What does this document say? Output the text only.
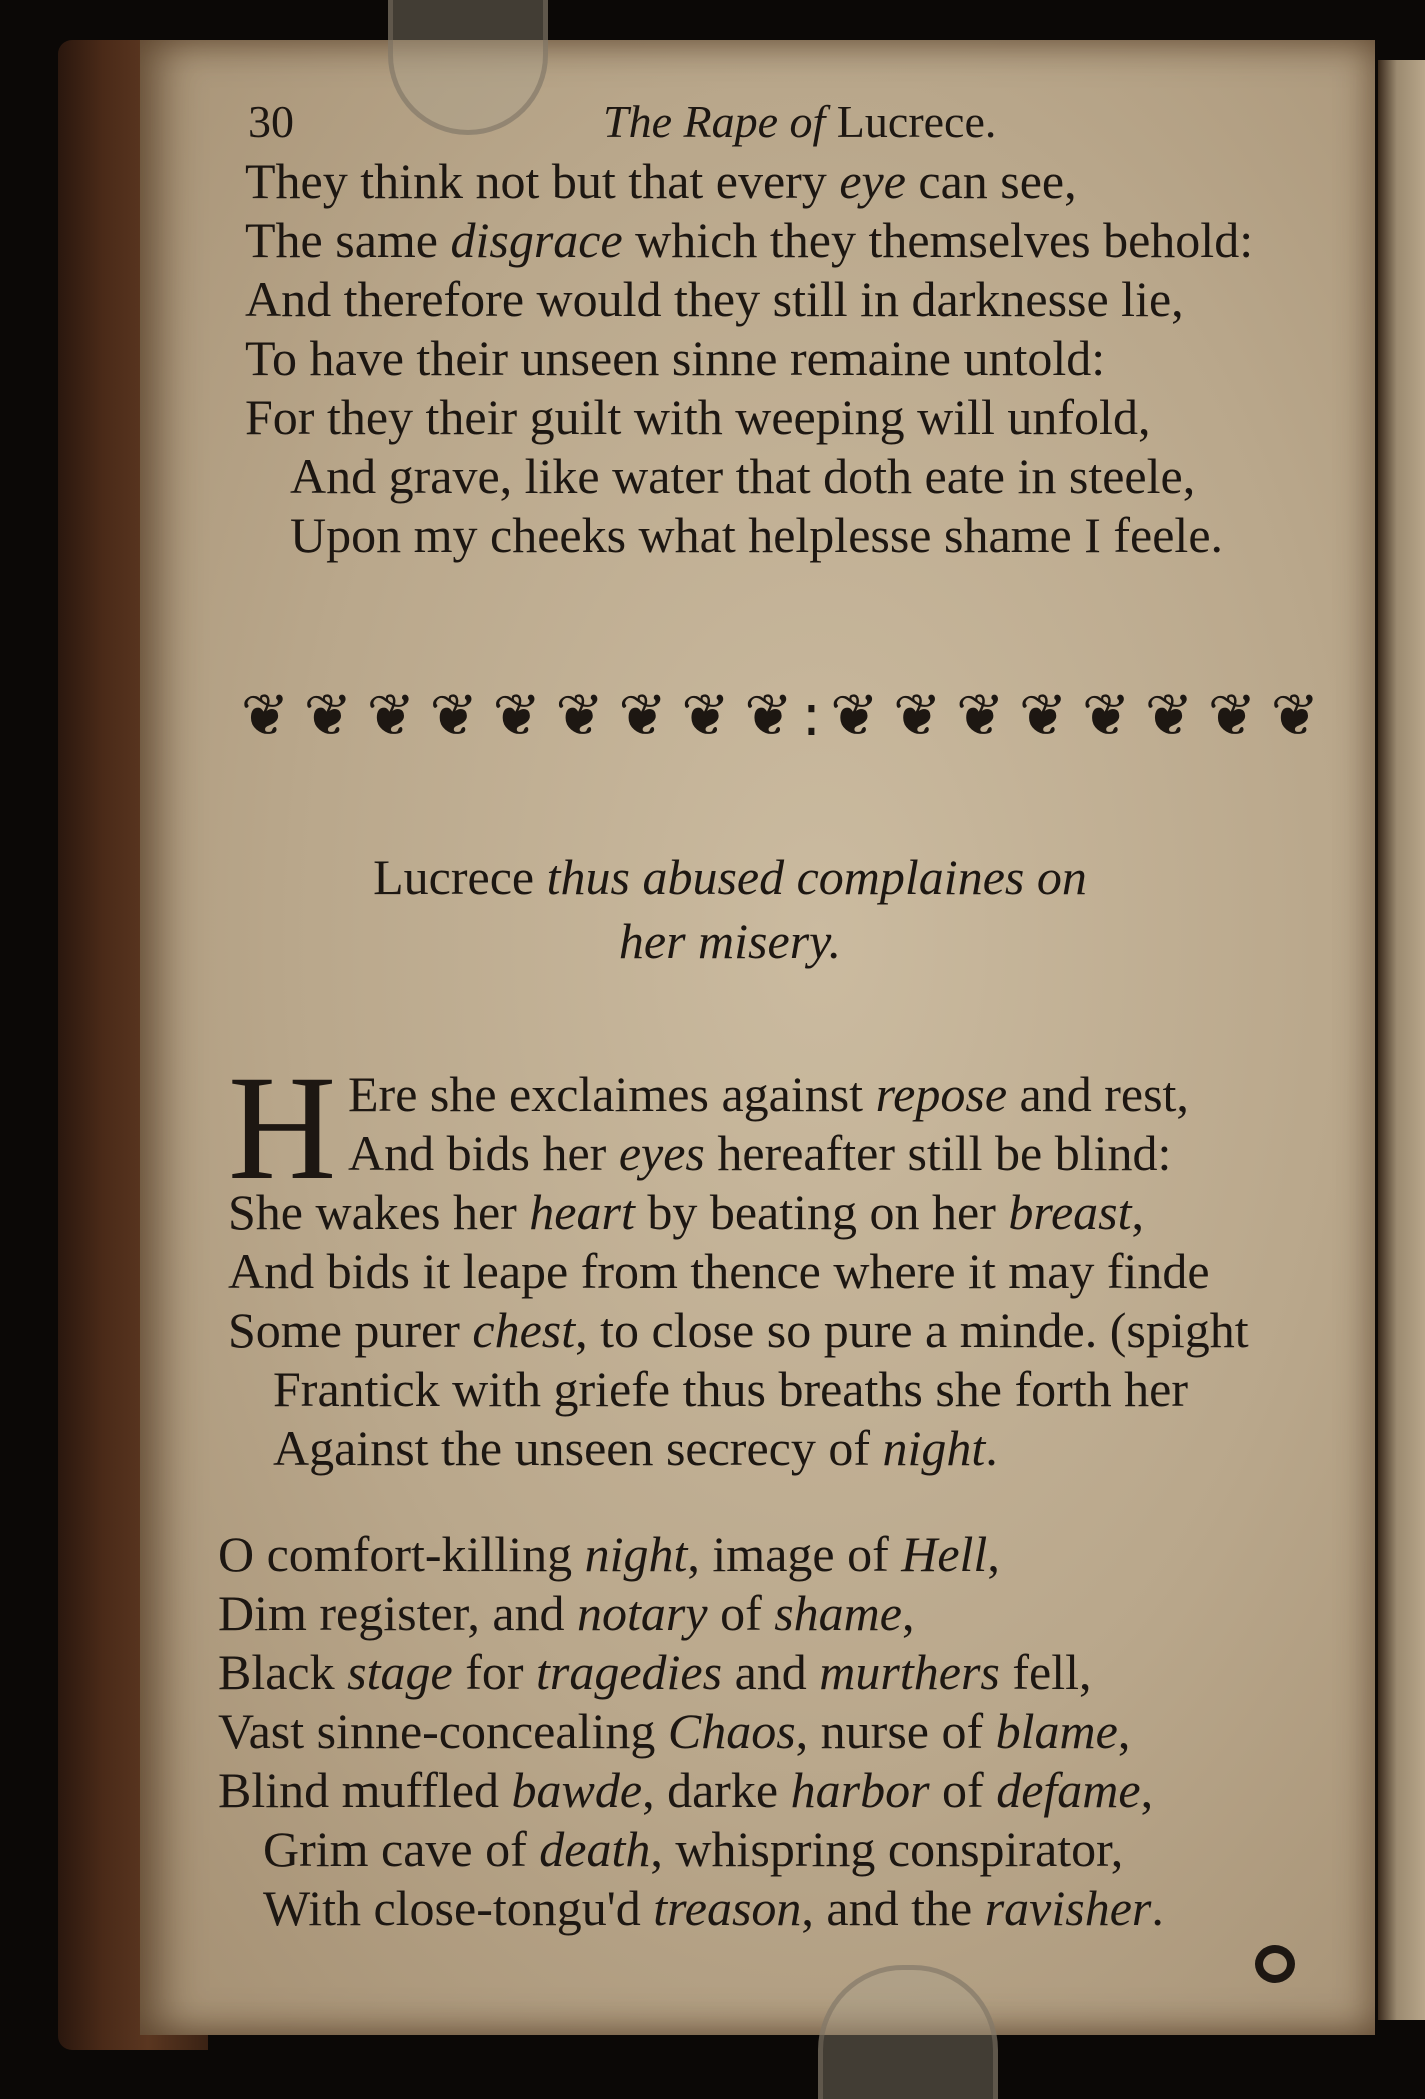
30	The Rape of Lucrece.
They think not but that every eye can see,
The same disgrace which they themselves behold:
And therefore would they still in darknesse lie,
To have their unseen sinne remaine untold:
For they their guilt with weeping will unfold,
And grave, like water that doth eate in steele,
Upon my cheeks what helplesse shame I feele.
❦ ❦ ❦ ❦ ❦ ❦ ❦ ❦ ❦ : ❦ ❦ ❦ ❦ ❦ ❦ ❦ ❦
Lucrece thus abused complaines on
her misery.
H Ere she exclaimes against repose and rest,
And bids her eyes hereafter still be blind:
She wakes her heart by beating on her breast,
And bids it leape from thence where it may finde
Some purer chest, to close so pure a minde. (spight
Frantick with griefe thus breaths she forth her
Against the unseen secrecy of night.
O comfort-killing night, image of Hell,
Dim register, and notary of shame,
Black stage for tragedies and murthers fell,
Vast sinne-concealing Chaos, nurse of blame,
Blind muffled bawde, darke harbor of defame,
Grim cave of death, whispring conspirator,
With close-tongu'd treason, and the ravisher.
